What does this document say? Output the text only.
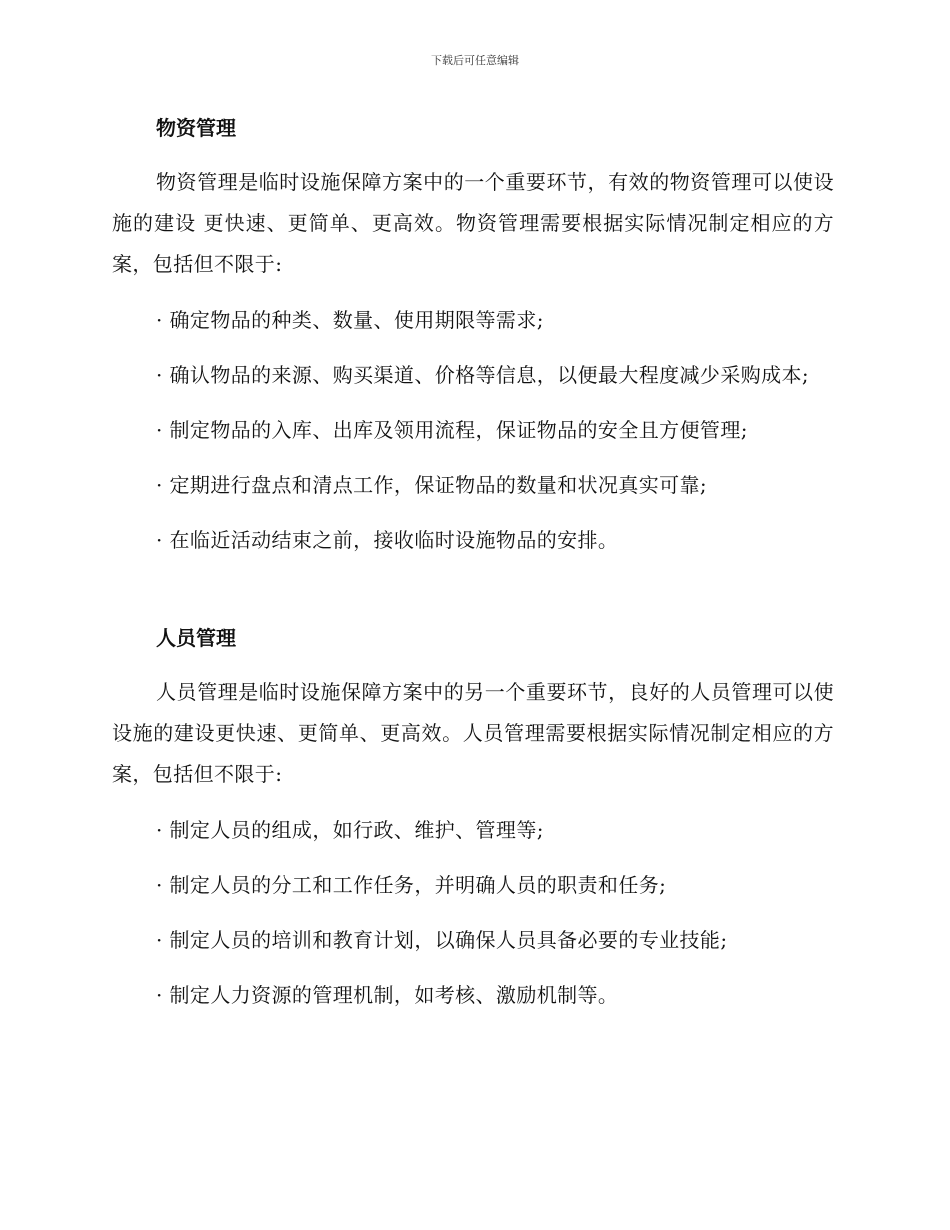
下载后可任意编辑
物资管理

物资管理是临时设施保障方案中的一个重要环节，有效的物资管理可以使设施的建设 更快速、更简单、更高效。物资管理需要根据实际情况制定相应的方案，包括但不限于:

· 确定物品的种类、数量、使用期限等需求;

· 确认物品的来源、购买渠道、价格等信息，以便最大程度减少采购成本;

· 制定物品的入库、出库及领用流程，保证物品的安全且方便管理;

· 定期进行盘点和清点工作，保证物品的数量和状况真实可靠;

· 在临近活动结束之前，接收临时设施物品的安排。

人员管理

人员管理是临时设施保障方案中的另一个重要环节，良好的人员管理可以使设施的建设更快速、更简单、更高效。人员管理需要根据实际情况制定相应的方案，包括但不限于:

· 制定人员的组成，如行政、维护、管理等;

· 制定人员的分工和工作任务，并明确人员的职责和任务;

· 制定人员的培训和教育计划，以确保人员具备必要的专业技能;

· 制定人力资源的管理机制，如考核、激励机制等。
